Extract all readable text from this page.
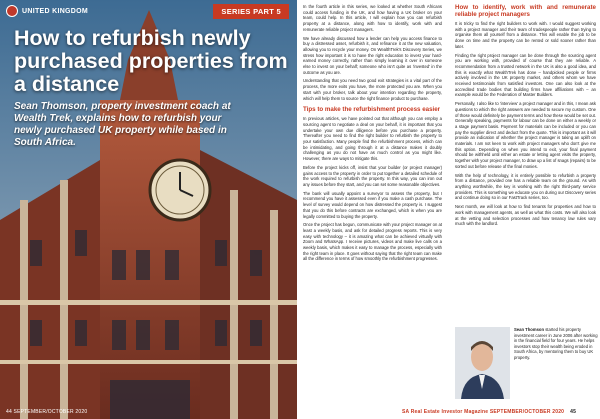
UNITED KINGDOM	SERIES PART 5
How to refurbish newly purchased properties from a distance

Sean Thomson, property investment coach at Wealth Trek, explains how to refurbish your newly purchased UK property while based in South Africa.

44 SEPTEMBER/OCTOBER 2020

In the fourth article in this series, we looked at whether South Africans could access funding in the UK, and how having a UK broker on your team, could help. In this article, I will explain how you can refurbish property at a distance, along with how to identify, work with and remunerate reliable project managers.

We have already discussed how a lender can help you access finance to buy a distressed asset, refurbish it, and refinance it at the new valuation, allowing you to recycle your money. On WealthTrek's Discovery Series, we stress how important it is to have the right education to invest your hard-earned money correctly, rather than simply learning it over in someone else to invest on your behalf; someone who isn't quite as 'invested' in the outcome as you are.

Understanding that you need two good exit strategies is a vital part of the process, the more exits you have, the more protected you are. When you start with your broker, talk about your intention regarding the property, which will help them to source the right finance product to purchase.

Tips to make the refurbishment process easier

In previous articles, we have pointed out that although you can employ a sourcing agent to negotiate a deal on your behalf, it is important that you undertake your own due diligence before you purchase a property. Thereafter you need to find the right builder to refurbish the property to your satisfaction. Many people find the refurbishment process, which can be intimidating, and going through it at a distance makes it doubly challenging as you do not have as much control as you might like. However, there are ways to mitigate this.

Before the project kicks off, insist that your builder (or project manager) gains access to the property in order to put together a detailed schedule of the work required to refurbish the property. In this way, you can iron out any issues before they start, and you can set some reasonable objectives.

The bank will usually appoint a surveyor to assess the property, but I recommend you have it assessed even if you make a cash purchase. The level of survey would depend on how distressed the property is. I suggest that you do this before contracts are exchanged, which is when you are legally committed to buying the property.

Once the project has begun, communicate with your project manager on at least a weekly basis, and ask for detailed progress reports. This is very easy with technology – it is amazing what can be achieved virtually with Zoom and WhatsApp. I receive pictures, videos and make live calls on a weekly basis, which makes it easy to manage the process, especially with the right team in place. It goes without saying that the right team can make all the difference in terms of how smoothly the refurbishment progresses.

How to identify, work with and remunerate reliable project managers

It is tricky to find the right builders to work with. I would suggest working with a project manager and their team of tradespeople rather than trying to organise them all yourself from a distance. This will enable the job to be done on time and the property can be rented or sold sooner rather than later.

Finding the right project manager can be done through the sourcing agent you are working with, provided of course that they are reliable. A recommendation from a trusted network in the UK is also a good idea, and this is exactly what WealthTrek has done – handpicked people or firms actively involved in the UK property market, and others whom we have received testimonials from satisfied investors. One can also look at the accredited trade bodies that building firms have affiliations with – an example would be the Federation of Master Builders.

Personally, I also like to 'interview' a project manager and in this, I mean ask questions to which the right answers are needed to secure my custom. One of those would definitely be payment terms and how these would be set out. Generally speaking, payments for labour can be done on either a weekly or a stage payment basis. Payment for materials can be included or you can pay the supplier direct and deduct from the quote. This is important as it will provide an indication of whether the project manager is taking an uplift on materials. I am not keen to work with project managers who don't give me this option. Depending on when you intend to exit, your final payment should be withheld until either an estate or letting agent visits the property, together with your project manager, to draw up a list of snags (repairs) to be sorted out before release of the final monies.

With the help of technology, it is entirely possible to refurbish a property from a distance, provided one has a reliable team on the ground. As with anything worthwhile, the key is working with the right third-party service providers. This is something we educate you on during our Discovery series and continue doing so in our FastTrack series, too.

Next month, we will look at how to find tenants for properties and how to work with management agents, as well as what this costs. We will also look at the vetting and selection processes and how tenancy law rules vary much with the landlord.

Sean Thomson started his property investment career in June 2006 after working in the financial field for four years. He helps investors stop their wealth being eroded in South Africa, by mentoring them to buy UK property.
SA Real Estate Investor Magazine SEPTEMBER/OCTOBER 2020 45
